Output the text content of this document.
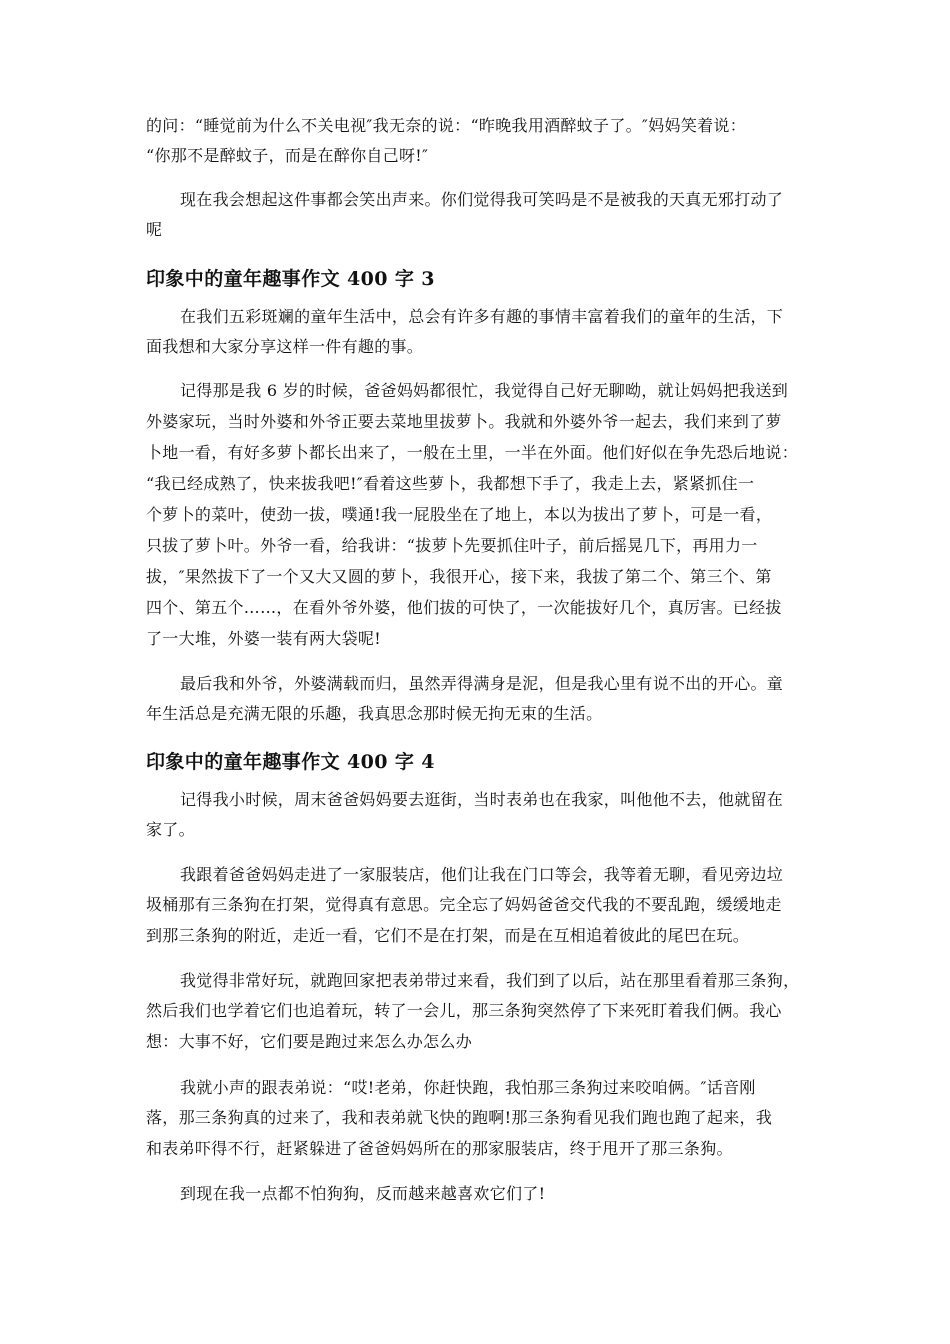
的问：“睡觉前为什么不关电视″我无奈的说：“昨晚我用酒醉蚊子了。″妈妈笑着说：
“你那不是醉蚊子，而是在醉你自己呀!″
现在我会想起这件事都会笑出声来。你们觉得我可笑吗是不是被我的天真无邪打动了
呢
印象中的童年趣事作文 400 字 3
在我们五彩斑斓的童年生活中，总会有许多有趣的事情丰富着我们的童年的生活，下
面我想和大家分享这样一件有趣的事。
记得那是我 6 岁的时候，爸爸妈妈都很忙，我觉得自己好无聊呦，就让妈妈把我送到
外婆家玩，当时外婆和外爷正要去菜地里拔萝卜。我就和外婆外爷一起去，我们来到了萝
卜地一看，有好多萝卜都长出来了，一般在土里，一半在外面。他们好似在争先恐后地说：
“我已经成熟了，快来拔我吧!″看着这些萝卜，我都想下手了，我走上去，紧紧抓住一
个萝卜的菜叶，使劲一拔，噗通!我一屁股坐在了地上，本以为拔出了萝卜，可是一看，
只拔了萝卜叶。外爷一看，给我讲：“拔萝卜先要抓住叶子，前后摇晃几下，再用力一
拔，″果然拔下了一个又大又圆的萝卜，我很开心，接下来，我拔了第二个、第三个、第
四个、第五个……，在看外爷外婆，他们拔的可快了，一次能拔好几个，真厉害。已经拔
了一大堆，外婆一装有两大袋呢!
最后我和外爷，外婆满载而归，虽然弄得满身是泥，但是我心里有说不出的开心。童
年生活总是充满无限的乐趣，我真思念那时候无拘无束的生活。
印象中的童年趣事作文 400 字 4
记得我小时候，周末爸爸妈妈要去逛街，当时表弟也在我家，叫他他不去，他就留在
家了。
我跟着爸爸妈妈走进了一家服装店，他们让我在门口等会，我等着无聊，看见旁边垃
圾桶那有三条狗在打架，觉得真有意思。完全忘了妈妈爸爸交代我的不要乱跑，缓缓地走
到那三条狗的附近，走近一看，它们不是在打架，而是在互相追着彼此的尾巴在玩。
我觉得非常好玩，就跑回家把表弟带过来看，我们到了以后，站在那里看着那三条狗，
然后我们也学着它们也追着玩，转了一会儿，那三条狗突然停了下来死盯着我们俩。我心
想：大事不好，它们要是跑过来怎么办怎么办
我就小声的跟表弟说：“哎!老弟，你赶快跑，我怕那三条狗过来咬咱俩。″话音刚
落，那三条狗真的过来了，我和表弟就飞快的跑啊!那三条狗看见我们跑也跑了起来，我
和表弟吓得不行，赶紧躲进了爸爸妈妈所在的那家服装店，终于甩开了那三条狗。
到现在我一点都不怕狗狗，反而越来越喜欢它们了!
